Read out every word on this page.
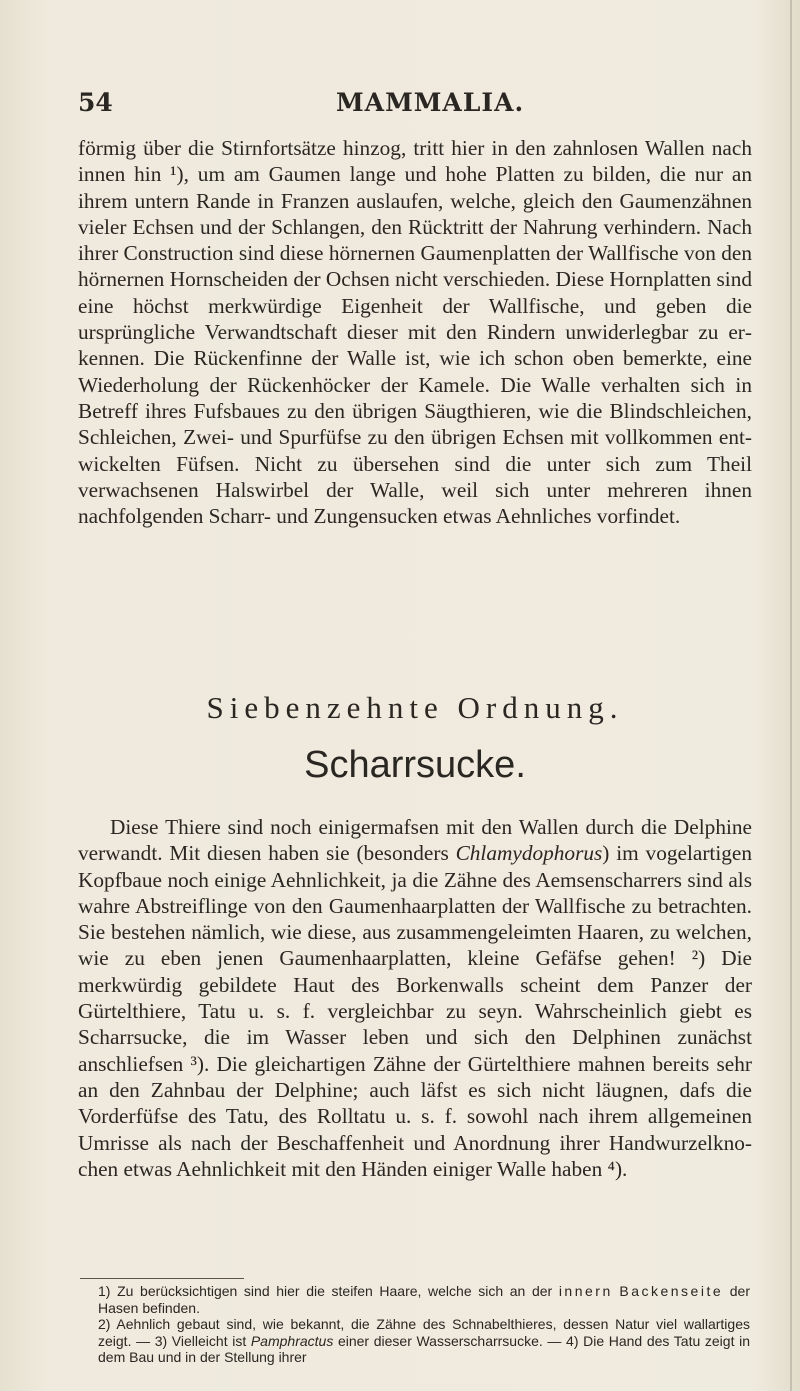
54	MAMMALIA.

förmig über die Stirnfortsätze hinzog, tritt hier in den zahnlosen Wallen nach innen hin ¹), um am Gaumen lange und hohe Platten zu bilden, die nur an ihrem untern Rande in Franzen auslaufen, welche, gleich den Gaumenzähnen vieler Echsen und der Schlangen, den Rücktritt der Nahrung verhindern. Nach ihrer Construction sind diese hörnernen Gaumenplatten der Wallfische von den hörnernen Hornscheiden der Ochsen nicht verschieden. Diese Hornplatten sind eine höchst merkwürdige Eigenheit der Wallfische, und geben die ursprüngliche Verwandtschaft dieser mit den Rindern unwiderlegbar zu erkennen. Die Rückenfinne der Walle ist, wie ich schon oben bemerkte, eine Wiederholung der Rückenhöcker der Kamele. Die Walle verhalten sich in Betreff ihres Fufsbaues zu den übrigen Säugthieren, wie die Blindschleichen, Schleichen, Zwei- und Spurfüfse zu den übrigen Echsen mit vollkommen entwickelten Füfsen. Nicht zu übersehen sind die unter sich zum Theil verwachsenen Halswirbel der Walle, weil sich unter mehreren ihnen nachfolgenden Scharr- und Zungensucken etwas Aehnliches vorfindet.

Siebenzehnte Ordnung.
Scharrsucke.

Diese Thiere sind noch einigermafsen mit den Wallen durch die Delphine verwandt. Mit diesen haben sie (besonders Chlamydophorus) im vogelartigen Kopfbaue noch einige Aehnlichkeit, ja die Zähne des Aemsenscharrers sind als wahre Abstreiflinge von den Gaumenhaarplatten der Wallfische zu betrachten. Sie bestehen nämlich, wie diese, aus zusammengeleimten Haaren, zu welchen, wie zu eben jenen Gaumenhaarplatten, kleine Gefäfse gehen! ²) Die merkwürdig gebildete Haut des Borkenwalls scheint dem Panzer der Gürtelthiere, Tatu u. s. f. vergleichbar zu seyn. Wahrscheinlich giebt es Scharrsucke, die im Wasser leben und sich den Delphinen zunächst anschliefsen ³). Die gleichartigen Zähne der Gürtelthiere mahnen bereits sehr an den Zahnbau der Delphine; auch läfst es sich nicht läugnen, dafs die Vorderfüfse des Tatu, des Rolltatu u. s. f. sowohl nach ihrem allgemeinen Umrisse als nach der Beschaffenheit und Anordnung ihrer Handwurzelknochen etwas Aehnlichkeit mit den Händen einiger Walle haben ⁴).

1) Zu berücksichtigen sind hier die steifen Haare, welche sich an der innern Backenseite der Hasen befinden.

2) Aehnlich gebaut sind, wie bekannt, die Zähne des Schnabelthieres, dessen Natur viel wallartiges zeigt. — 3) Vielleicht ist Pamphractus einer dieser Wasserscharrsucke. — 4) Die Hand des Tatu zeigt in dem Bau und in der Stellung ihrer
